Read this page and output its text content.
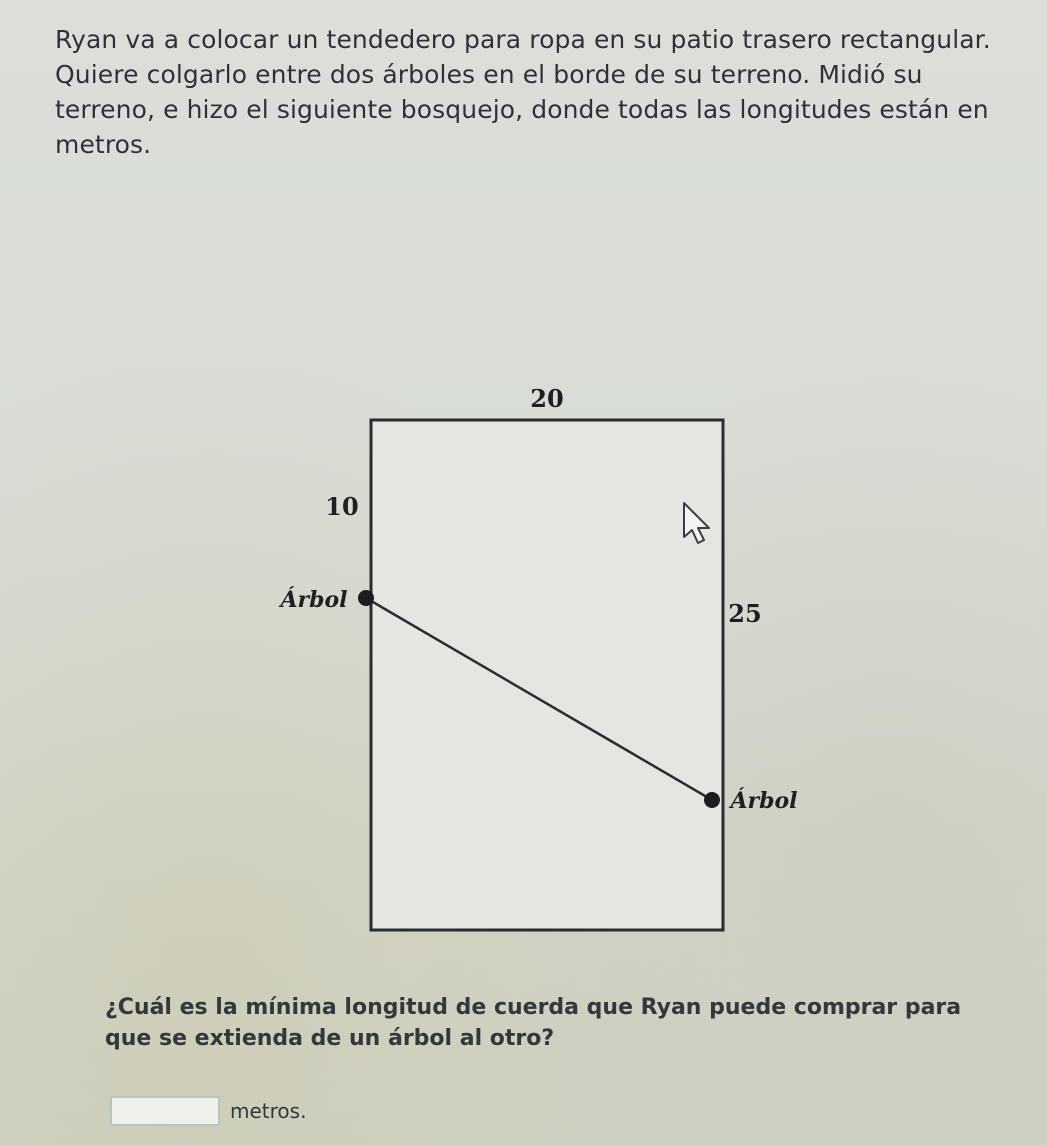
Ryan va a colocar un tendedero para ropa en su patio trasero rectangular. Quiere colgarlo entre dos árboles en el borde de su terreno. Midió su terreno, e hizo el siguiente bosquejo, donde todas las longitudes están en metros.

20
10
25
Árbol
Árbol

¿Cuál es la mínima longitud de cuerda que Ryan puede comprar para que se extienda de un árbol al otro?

metros.
